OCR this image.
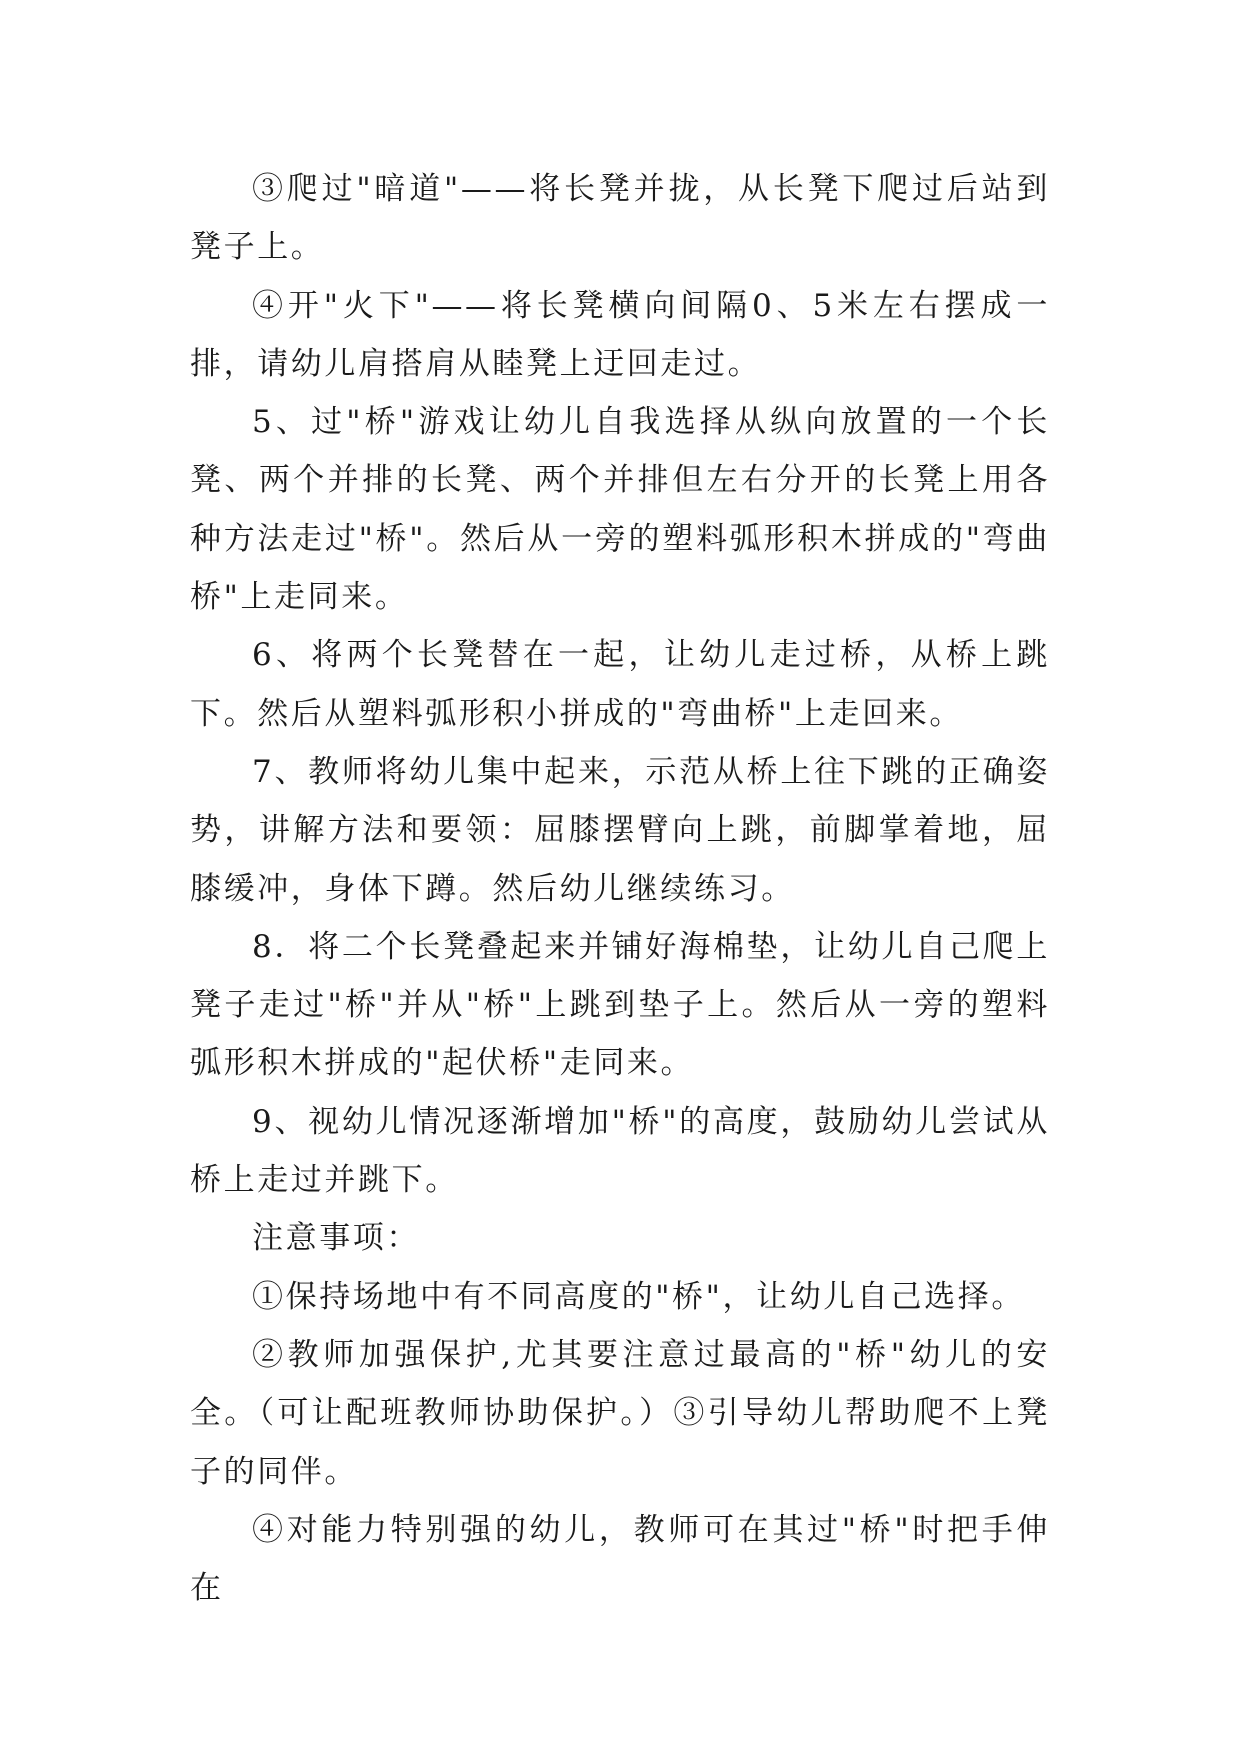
③爬过"暗道"——将长凳并拢，从长凳下爬过后站到凳子上。

④开"火下"——将长凳横向间隔0、5米左右摆成一排，请幼儿肩搭肩从睦凳上迂回走过。

5、过"桥"游戏让幼儿自我选择从纵向放置的一个长凳、两个并排的长凳、两个并排但左右分开的长凳上用各种方法走过"桥"。然后从一旁的塑料弧形积木拼成的"弯曲桥"上走同来。

6、将两个长凳替在一起，让幼儿走过桥，从桥上跳下。然后从塑料弧形积小拼成的"弯曲桥"上走回来。

7、教师将幼儿集中起来，示范从桥上往下跳的正确姿势，讲解方法和要领：屈膝摆臂向上跳，前脚掌着地，屈膝缓冲，身体下蹲。然后幼儿继续练习。

8．将二个长凳叠起来并铺好海棉垫，让幼儿自己爬上凳子走过"桥"并从"桥"上跳到垫子上。然后从一旁的塑料弧形积木拼成的"起伏桥"走同来。

9、视幼儿情况逐渐增加"桥"的高度，鼓励幼儿尝试从桥上走过并跳下。

注意事项：

①保持场地中有不同高度的"桥"，让幼儿自己选择。

②教师加强保护,尤其要注意过最高的"桥"幼儿的安全。（可让配班教师协助保护。）③引导幼儿帮助爬不上凳子的同伴。

④对能力特别强的幼儿，教师可在其过"桥"时把手伸在
